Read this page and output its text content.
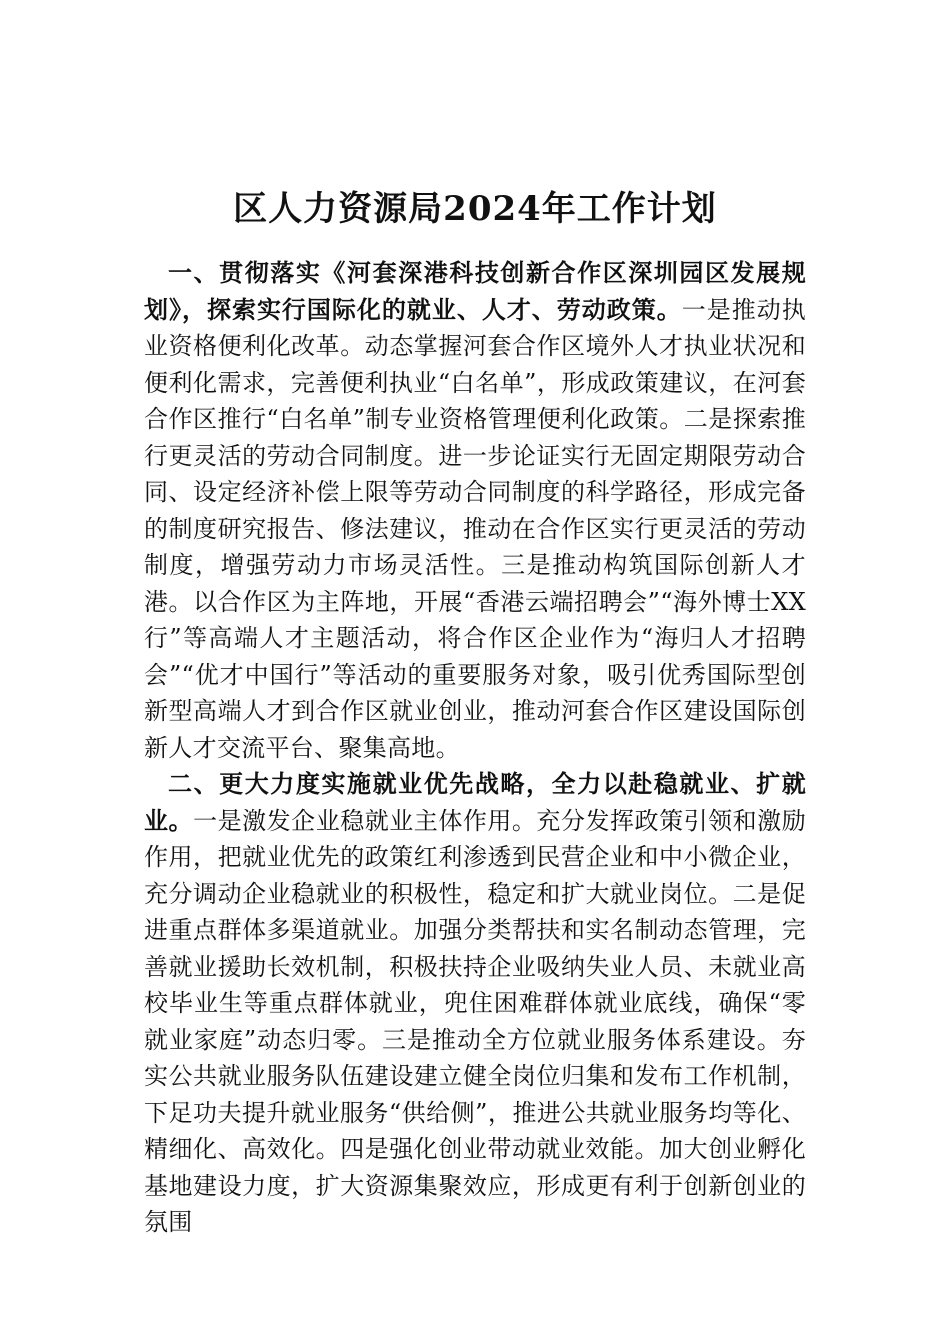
区人力资源局2024年工作计划

一、贯彻落实《河套深港科技创新合作区深圳园区发展规划》，探索实行国际化的就业、人才、劳动政策。一是推动执业资格便利化改革。动态掌握河套合作区境外人才执业状况和便利化需求，完善便利执业“白名单”，形成政策建议，在河套合作区推行“白名单”制专业资格管理便利化政策。二是探索推行更灵活的劳动合同制度。进一步论证实行无固定期限劳动合同、设定经济补偿上限等劳动合同制度的科学路径，形成完备的制度研究报告、修法建议，推动在合作区实行更灵活的劳动制度，增强劳动力市场灵活性。三是推动构筑国际创新人才港。以合作区为主阵地，开展“香港云端招聘会”“海外博士XX行”等高端人才主题活动，将合作区企业作为“海归人才招聘会”“优才中国行”等活动的重要服务对象，吸引优秀国际型创新型高端人才到合作区就业创业，推动河套合作区建设国际创新人才交流平台、聚集高地。

二、更大力度实施就业优先战略，全力以赴稳就业、扩就业。一是激发企业稳就业主体作用。充分发挥政策引领和激励作用，把就业优先的政策红利渗透到民营企业和中小微企业，充分调动企业稳就业的积极性，稳定和扩大就业岗位。二是促进重点群体多渠道就业。加强分类帮扶和实名制动态管理，完善就业援助长效机制，积极扶持企业吸纳失业人员、未就业高校毕业生等重点群体就业，兜住困难群体就业底线，确保“零就业家庭”动态归零。三是推动全方位就业服务体系建设。夯实公共就业服务队伍建设建立健全岗位归集和发布工作机制，下足功夫提升就业服务“供给侧”，推进公共就业服务均等化、精细化、高效化。四是强化创业带动就业效能。加大创业孵化基地建设力度，扩大资源集聚效应，形成更有利于创新创业的氛围
